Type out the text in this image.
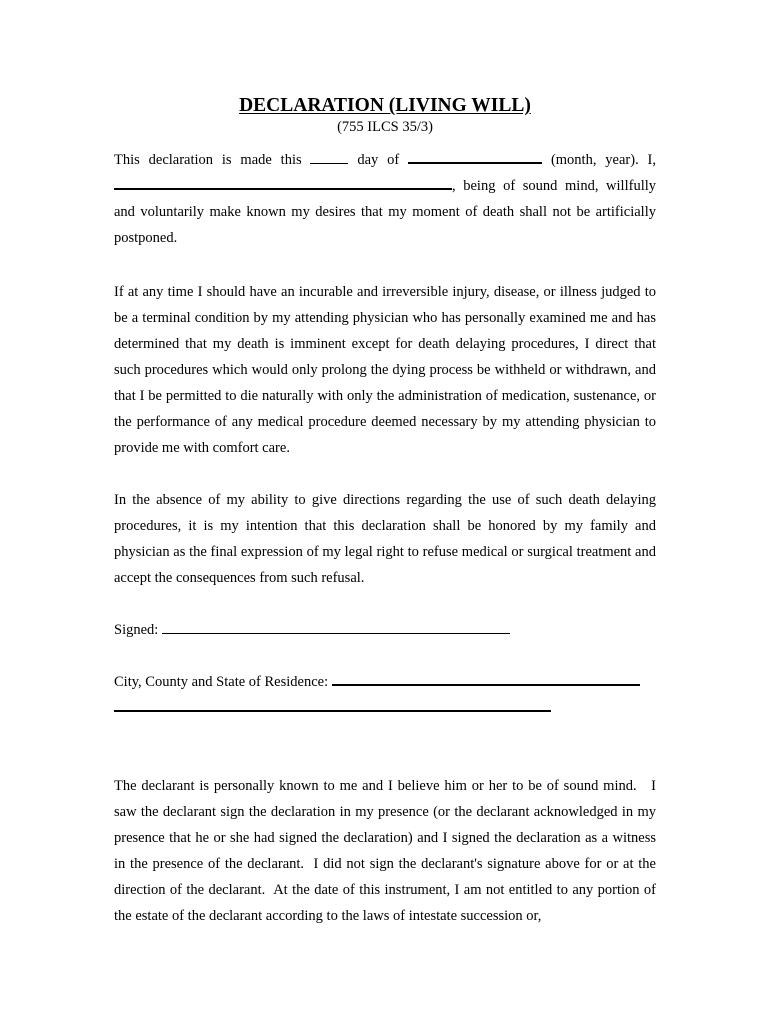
DECLARATION (LIVING WILL)
(755 ILCS 35/3)

This declaration is made this	day of	(month, year). I, , being of sound mind, willfully and voluntarily make known my desires that my moment of death shall not be artificially postponed.

If at any time I should have an incurable and irreversible injury, disease, or illness judged to be a terminal condition by my attending physician who has personally examined me and has determined that my death is imminent except for death delaying procedures, I direct that such procedures which would only prolong the dying process be withheld or withdrawn, and that I be permitted to die naturally with only the administration of medication, sustenance, or the performance of any medical procedure deemed necessary by my attending physician to provide me with comfort care.

In the absence of my ability to give directions regarding the use of such death delaying procedures, it is my intention that this declaration shall be honored by my family and physician as the final expression of my legal right to refuse medical or surgical treatment and accept the consequences from such refusal.

Signed:
City, County and State of Residence:

The declarant is personally known to me and I believe him or her to be of sound mind.   I saw the declarant sign the declaration in my presence (or the declarant acknowledged in my presence that he or she had signed the declaration) and I signed the declaration as a witness in the presence of the declarant.  I did not sign the declarant's signature above for or at the direction of the declarant.  At the date of this instrument, I am not entitled to any portion of the estate of the declarant according to the laws of intestate succession or,
